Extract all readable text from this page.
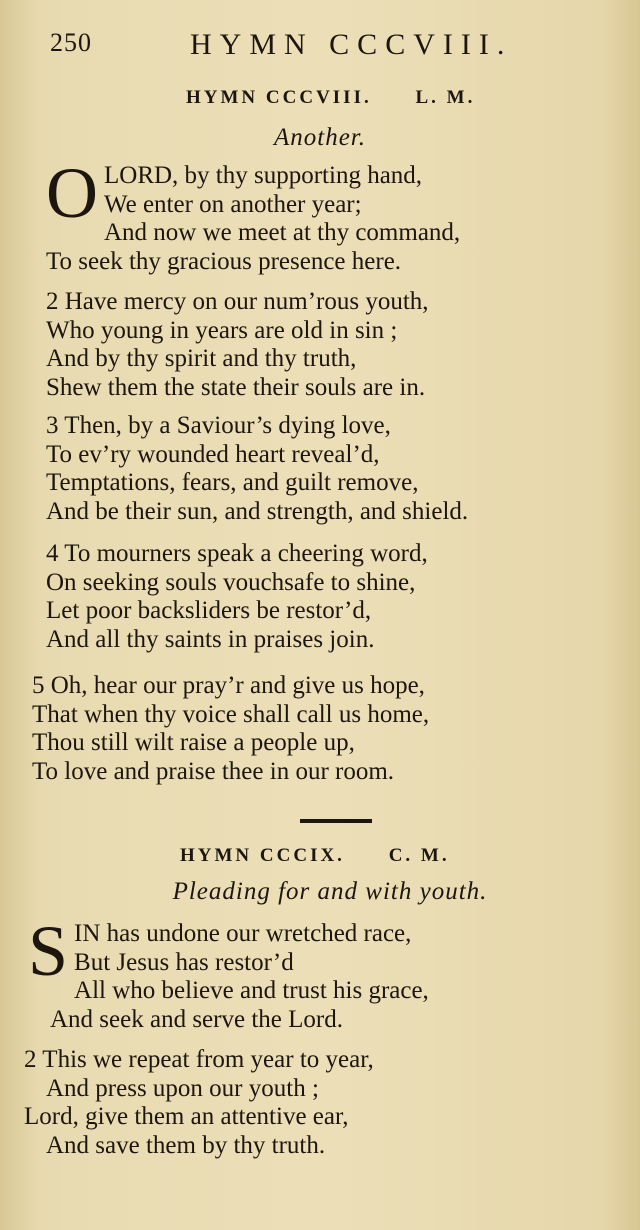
250	HYMN CCCVIII.
HYMN CCCVIII. L. M.
Another.
O LORD, by thy supporting hand,
We enter on another year;
And now we meet at thy command,
To seek thy gracious presence here.
2 Have mercy on our num’rous youth,
Who young in years are old in sin ;
And by thy spirit and thy truth,
Shew them the state their souls are in.
3 Then, by a Saviour’s dying love,
To ev’ry wounded heart reveal’d,
Temptations, fears, and guilt remove,
And be their sun, and strength, and shield.
4 To mourners speak a cheering word,
On seeking souls vouchsafe to shine,
Let poor backsliders be restor’d,
And all thy saints in praises join.
5 Oh, hear our pray’r and give us hope,
That when thy voice shall call us home,
Thou still wilt raise a people up,
To love and praise thee in our room.
HYMN CCCIX. C. M.
Pleading for and with youth.
S IN has undone our wretched race,
But Jesus has restor’d
All who believe and trust his grace,
And seek and serve the Lord.
2 This we repeat from year to year,
And press upon our youth ;
Lord, give them an attentive ear,
And save them by thy truth.
